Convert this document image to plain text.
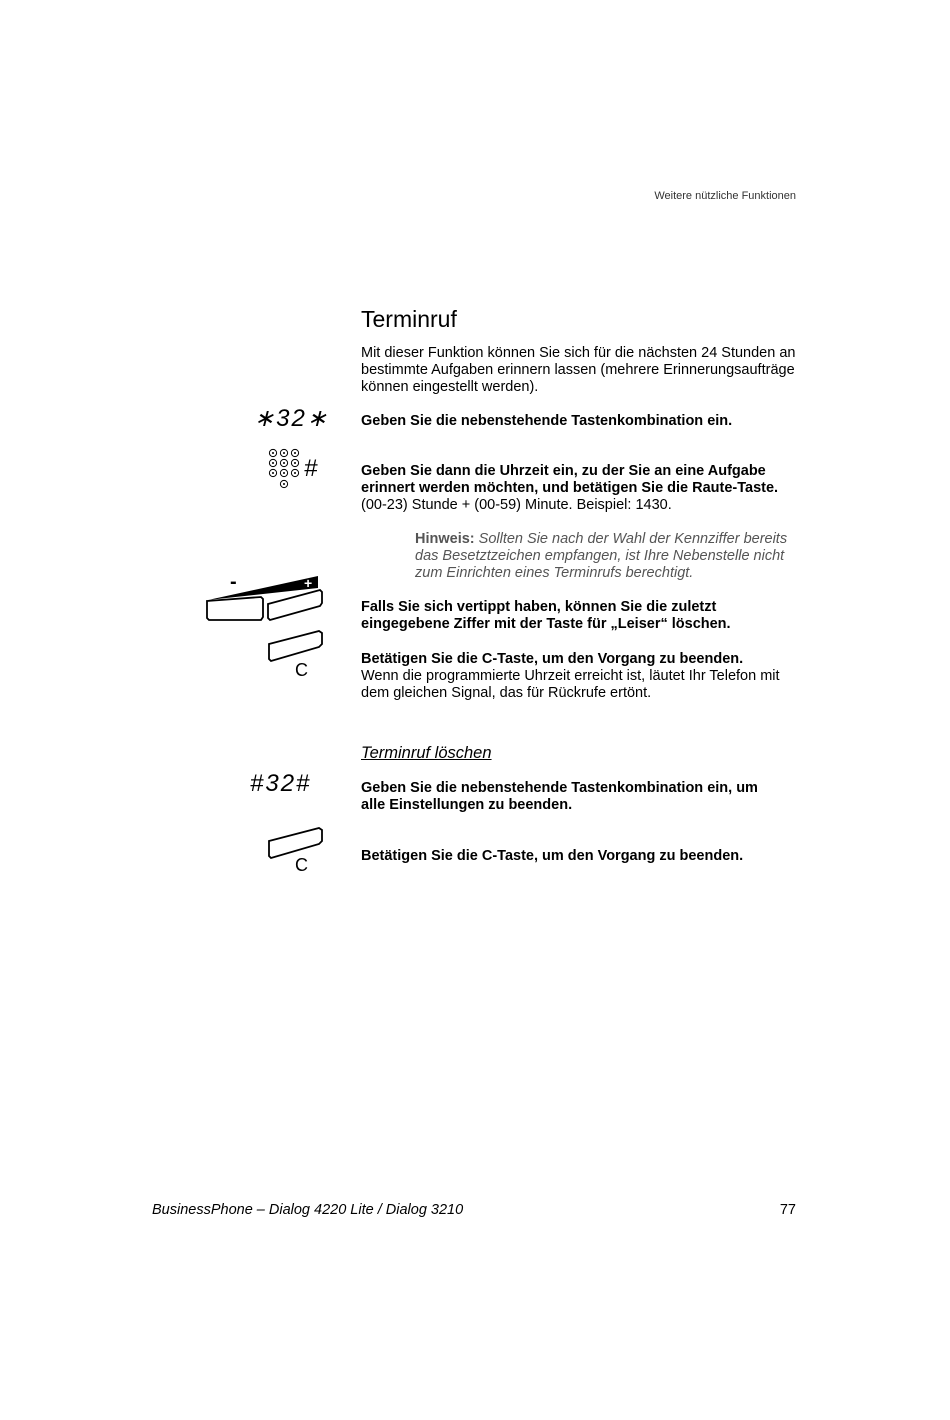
Weitere nützliche Funktionen
Terminruf
Mit dieser Funktion können Sie sich für die nächsten 24 Stunden an bestimmte Aufgaben erinnern lassen (mehrere Erinnerungsaufträge können eingestellt werden).
∗32∗ Geben Sie die nebenstehende Tastenkombination ein.
#	Geben Sie dann die Uhrzeit ein, zu der Sie an eine Aufgabe erinnert werden möchten, und betätigen Sie die Raute-Taste.
(00-23) Stunde + (00-59) Minute. Beispiel: 1430.
Hinweis: Sollten Sie nach der Wahl der Kennziffer bereits das Besetztzeichen empfangen, ist Ihre Nebenstelle nicht zum Einrichten eines Terminrufs berechtigt.
-	+
Falls Sie sich vertippt haben, können Sie die zuletzt eingegebene Ziffer mit der Taste für „Leiser“ löschen.
C
Betätigen Sie die C-Taste, um den Vorgang zu beenden.
Wenn die programmierte Uhrzeit erreicht ist, läutet Ihr Telefon mit dem gleichen Signal, das für Rückrufe ertönt.
Terminruf löschen
#32#	Geben Sie die nebenstehende Tastenkombination ein, um alle Einstellungen zu beenden.
C	Betätigen Sie die C-Taste, um den Vorgang zu beenden.
BusinessPhone – Dialog 4220 Lite / Dialog 3210	77
